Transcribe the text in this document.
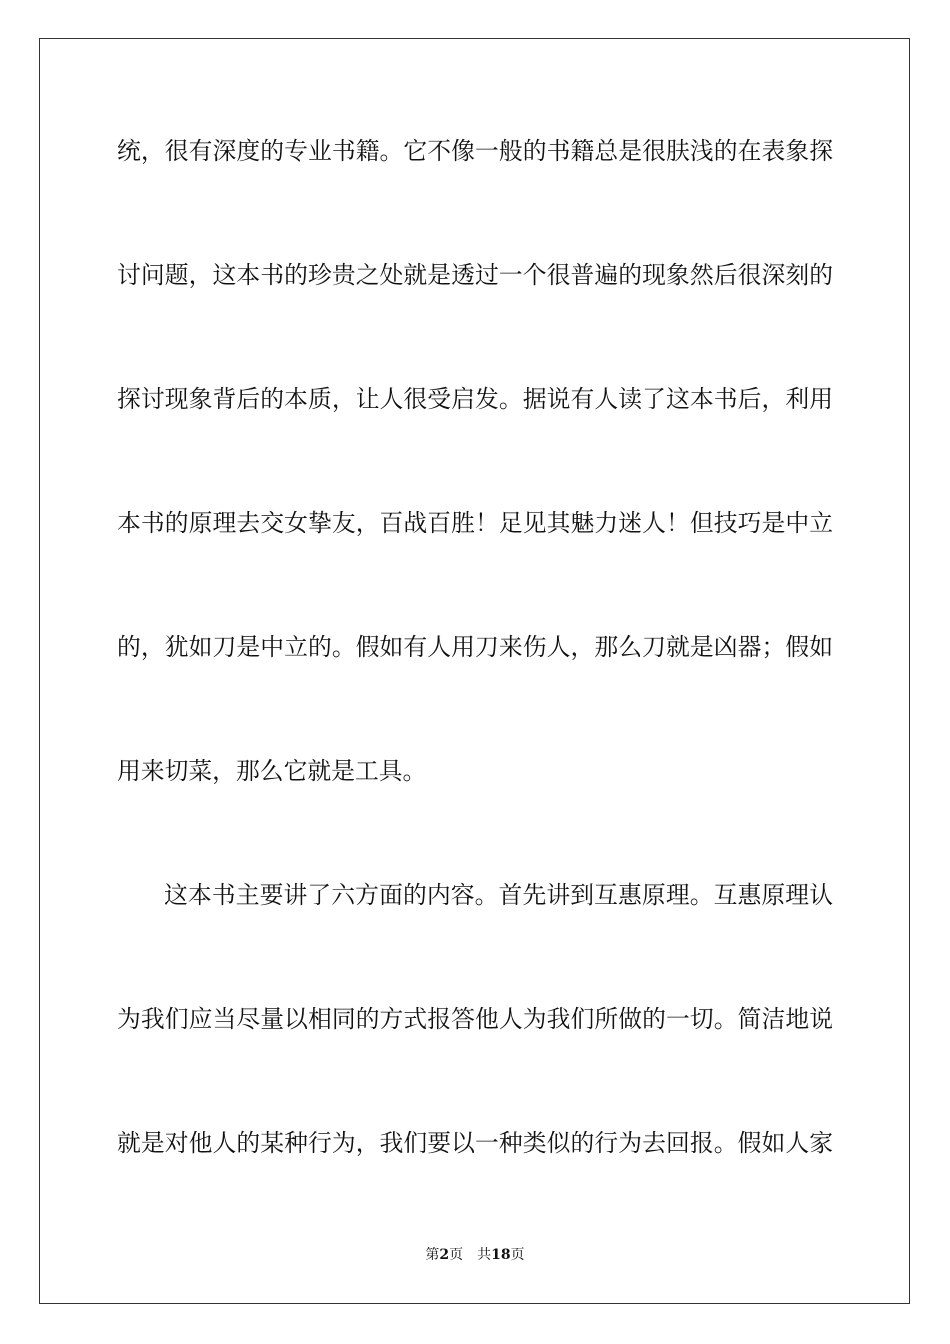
统，很有深度的专业书籍。它不像一般的书籍总是很肤浅的在表象探
讨问题，这本书的珍贵之处就是透过一个很普遍的现象然后很深刻的
探讨现象背后的本质，让人很受启发。据说有人读了这本书后，利用
本书的原理去交女挚友，百战百胜！足见其魅力迷人！但技巧是中立
的，犹如刀是中立的。假如有人用刀来伤人，那么刀就是凶器；假如
用来切菜，那么它就是工具。
这本书主要讲了六方面的内容。首先讲到互惠原理。互惠原理认
为我们应当尽量以相同的方式报答他人为我们所做的一切。简洁地说
就是对他人的某种行为，我们要以一种类似的行为去回报。假如人家
第2页 共18页
